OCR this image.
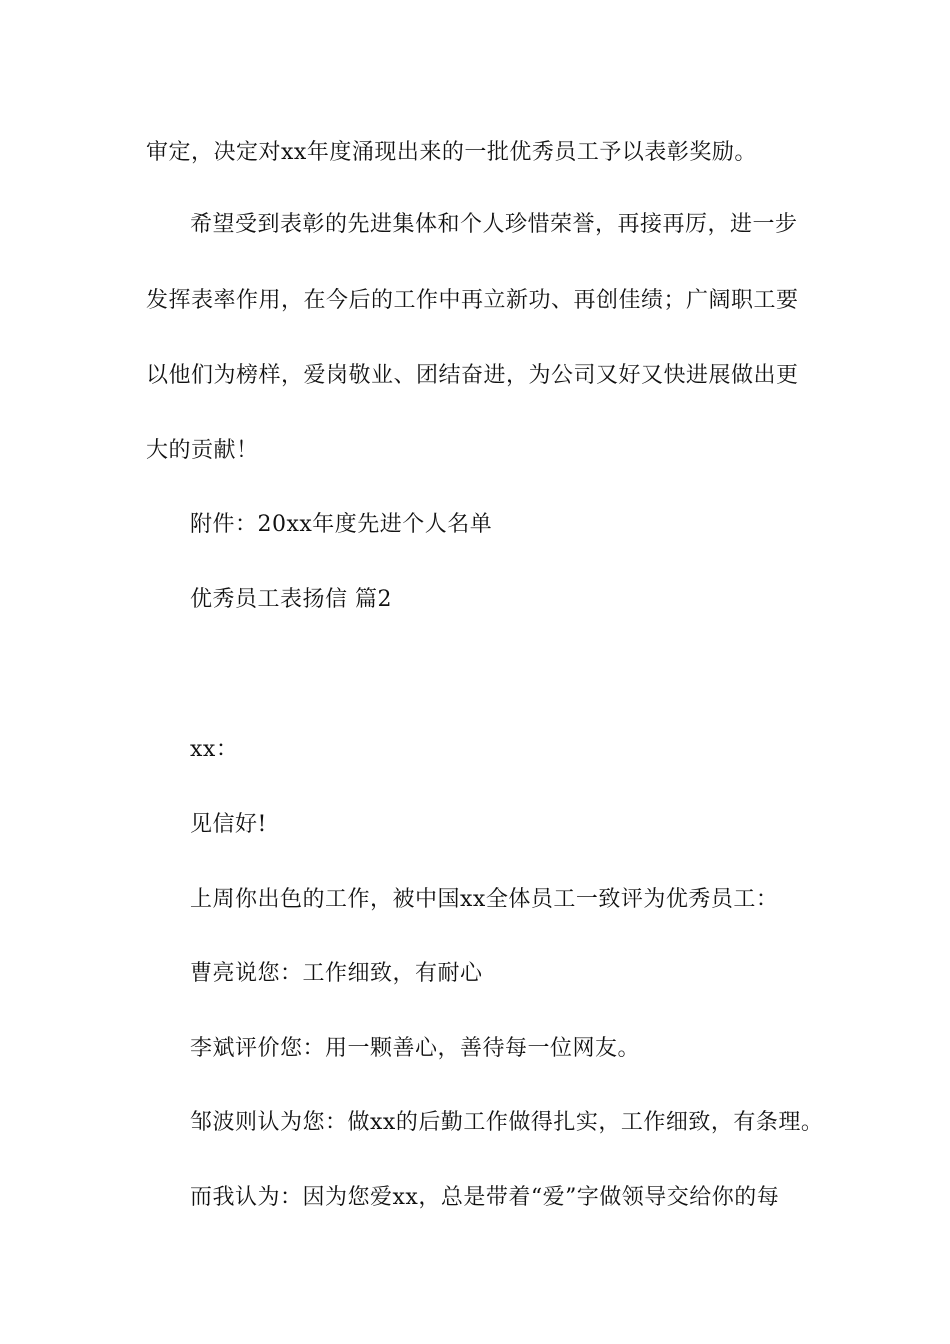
审定，决定对xx年度涌现出来的一批优秀员工予以表彰奖励。
希望受到表彰的先进集体和个人珍惜荣誉，再接再厉，进一步
发挥表率作用，在今后的工作中再立新功、再创佳绩；广阔职工要
以他们为榜样，爱岗敬业、团结奋进，为公司又好又快进展做出更
大的贡献！
附件：20xx年度先进个人名单
优秀员工表扬信 篇2
xx：
见信好!
上周你出色的工作，被中国xx全体员工一致评为优秀员工：
曹亮说您：工作细致，有耐心
李斌评价您：用一颗善心，善待每一位网友。
邹波则认为您：做xx的后勤工作做得扎实，工作细致，有条理。
而我认为：因为您爱xx，总是带着“爱”字做领导交给你的每
